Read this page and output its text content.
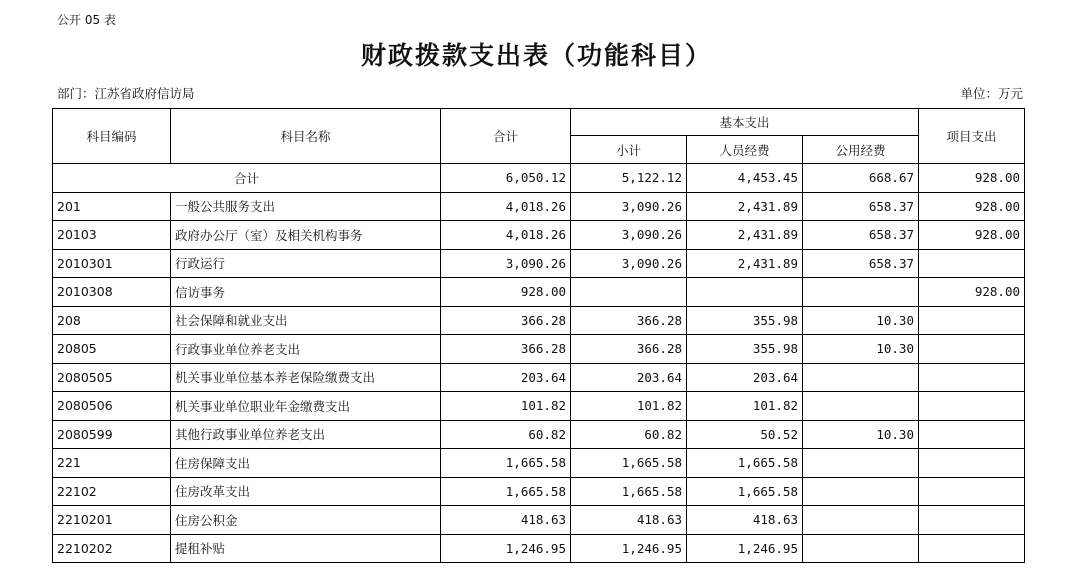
公开 05 表
财政拨款支出表（功能科目）
部门：江苏省政府信访局	单位：万元
科目编码	科目名称	合计	基本支出			项目支出
			小计	人员经费	公用经费	
合计		6,050.12	5,122.12	4,453.45	668.67	928.00
201	一般公共服务支出	4,018.26	3,090.26	2,431.89	658.37	928.00
20103	政府办公厅（室）及相关机构事务	4,018.26	3,090.26	2,431.89	658.37	928.00
2010301	行政运行	3,090.26	3,090.26	2,431.89	658.37	
2010308	信访事务	928.00				928.00
208	社会保障和就业支出	366.28	366.28	355.98	10.30	
20805	行政事业单位养老支出	366.28	366.28	355.98	10.30	
2080505	机关事业单位基本养老保险缴费支出	203.64	203.64	203.64		
2080506	机关事业单位职业年金缴费支出	101.82	101.82	101.82		
2080599	其他行政事业单位养老支出	60.82	60.82	50.52	10.30	
221	住房保障支出	1,665.58	1,665.58	1,665.58		
22102	住房改革支出	1,665.58	1,665.58	1,665.58		
2210201	住房公积金	418.63	418.63	418.63		
2210202	提租补贴	1,246.95	1,246.95	1,246.95		
